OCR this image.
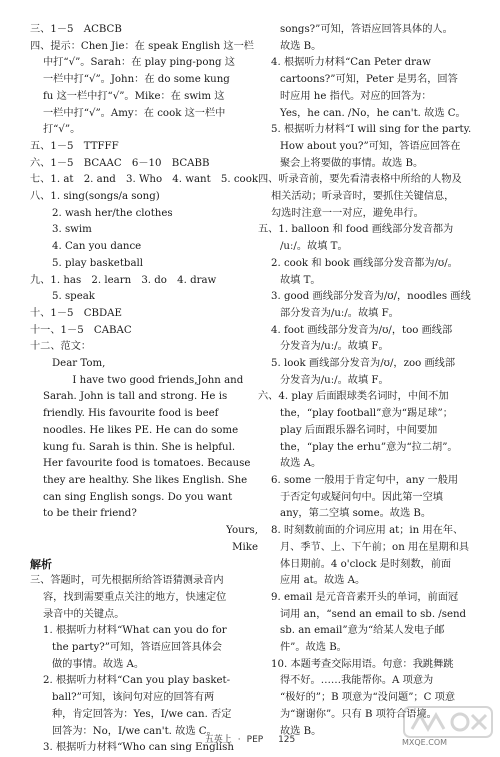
三、1－5　ACBCB
四、提示：Chen Jie：在 speak English 这一栏
中打“√”。Sarah：在 play ping-pong 这
一栏中打“√”。John：在 do some kung
fu 这一栏中打“√”。Mike：在 swim 这
一栏中打“√”。Amy：在 cook 这一栏中
打“√”。
五、1－5　TTFFF
六、1－5　BCAAC　6－10　BCABB
七、1. at　2. and　3. Who　4. want　5. cook
八、1. sing(songs/a song)
2. wash her/the clothes
3. swim
4. Can you dance
5. play basketball
九、1. has　2. learn　3. do　4. draw
5. speak
十、1－5　CBDAE
十一、1－5　CABAC
十二、范文：
Dear Tom,
　　I have two good friends,John and
Sarah. John is tall and strong. He is
friendly. His favourite food is beef
noodles. He likes PE. He can do some
kung fu. Sarah is thin. She is helpful.
Her favourite food is tomatoes. Because
they are healthy. She likes English. She
can sing English songs. Do you want
to be their friend?
Yours,
Mike
解析
三、答题时，可先根据所给答语猜测录音内
容，找到需要重点关注的地方，快速定位
录音中的关键点。
1. 根据听力材料“What can you do for
the party?”可知，答语应回答具体会
做的事情。故选 A。
2. 根据听力材料“Can you play basket-
ball?”可知，该问句对应的回答有两
种，肯定回答为：Yes，I/we can. 否定
回答为：No，I/we can't. 故选 C。
3. 根据听力材料“Who can sing English
songs?”可知，答语应回答具体的人。
故选 B。
4. 根据听力材料“Can Peter draw
cartoons?”可知，Peter 是男名，回答
时应用 he 指代。对应的回答为：
Yes，he can. /No，he can't. 故选 C。
5. 根据听力材料“I will sing for the party.
How about you?”可知，答语应回答在
聚会上将要做的事情。故选 B。
四、听录音前，要先看清表格中所给的人物及
相关活动；听录音时，要抓住关键信息，
勾选时注意一一对应，避免串行。
五、1. balloon 和 food 画线部分发音都为
/uː/。故填 T。
2. cook 和 book 画线部分发音都为/ʊ/。
故填 T。
3. good 画线部分发音为/ʊ/，noodles 画线
部分发音为/uː/。故填 F。
4. foot 画线部分发音为/ʊ/，too 画线部
分发音为/uː/。故填 F。
5. look 画线部分发音为/ʊ/，zoo 画线部
分发音为/uː/。故填 F。
六、4. play 后面跟球类名词时，中间不加
the，“play football”意为“踢足球”；
play 后面跟乐器名词时，中间要加
the，“play the erhu”意为“拉二胡”。
故选 A。
6. some 一般用于肯定句中，any 一般用
于否定句或疑问句中。因此第一空填
any，第二空填 some。故选 B。
8. 时刻数前面的介词应用 at；in 用在年、
月、季节、上、下午前；on 用在星期和具
体日期前。4 o'clock 是时刻数，前面
应用 at。故选 A。
9. email 是元音音素开头的单词，前面冠
词用 an，“send an email to sb. /send
sb. an email”意为“给某人发电子邮
件”。故选 B。
10. 本题考查交际用语。句意：我跳舞跳
得不好。……我能帮你。A 项意为
“极好的”；B 项意为“没问题”；C 项意
为“谢谢你”。只有 B 项符合语境。
故选 B。
五英上 · PEP 125	MXQE.COM
